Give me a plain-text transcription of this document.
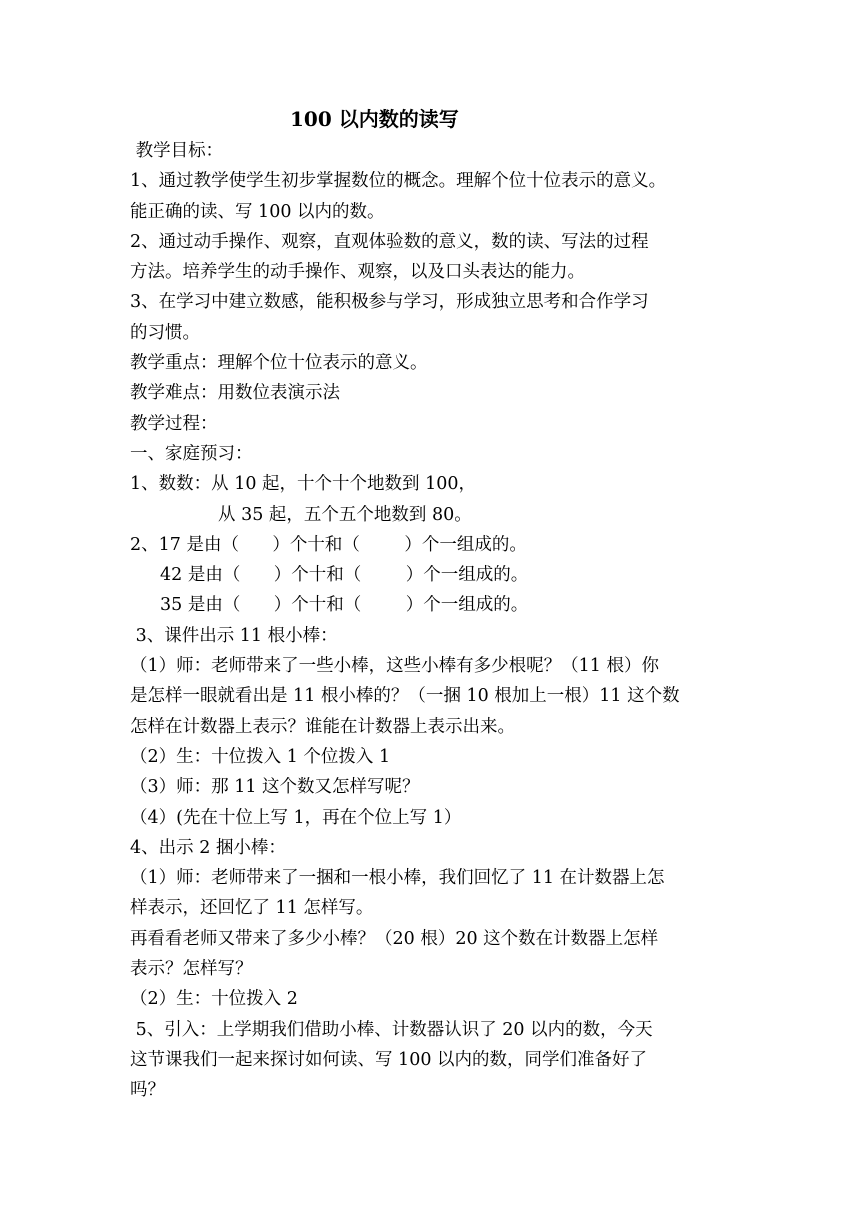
100 以内数的读写
教学目标：
1、通过教学使学生初步掌握数位的概念。理解个位十位表示的意义。
能正确的读、写 100 以内的数。
2、通过动手操作、观察，直观体验数的意义，数的读、写法的过程
方法。培养学生的动手操作、观察，以及口头表达的能力。
3、在学习中建立数感，能积极参与学习，形成独立思考和合作学习
的习惯。
教学重点：理解个位十位表示的意义。
教学难点：用数位表演示法
教学过程：
一、家庭预习：
1、数数：从 10 起，十个十个地数到 100，
从 35 起，五个五个地数到 80。
2、17 是由（      ）个十和（        ）个一组成的。
42 是由（      ）个十和（        ）个一组成的。
35 是由（      ）个十和（        ）个一组成的。
3、课件出示 11 根小棒：
（1）师：老师带来了一些小棒，这些小棒有多少根呢？（11 根）你
是怎样一眼就看出是 11 根小棒的？（一捆 10 根加上一根）11 这个数
怎样在计数器上表示？谁能在计数器上表示出来。
（2）生：十位拨入 1 个位拨入 1
（3）师：那 11 这个数又怎样写呢？
（4）(先在十位上写 1，再在个位上写 1）
4、出示 2 捆小棒：
（1）师：老师带来了一捆和一根小棒，我们回忆了 11 在计数器上怎
样表示，还回忆了 11 怎样写。
再看看老师又带来了多少小棒？（20 根）20 这个数在计数器上怎样
表示？怎样写？
（2）生：十位拨入 2
5、引入：上学期我们借助小棒、计数器认识了 20 以内的数，今天
这节课我们一起来探讨如何读、写 100 以内的数，同学们准备好了
吗？
